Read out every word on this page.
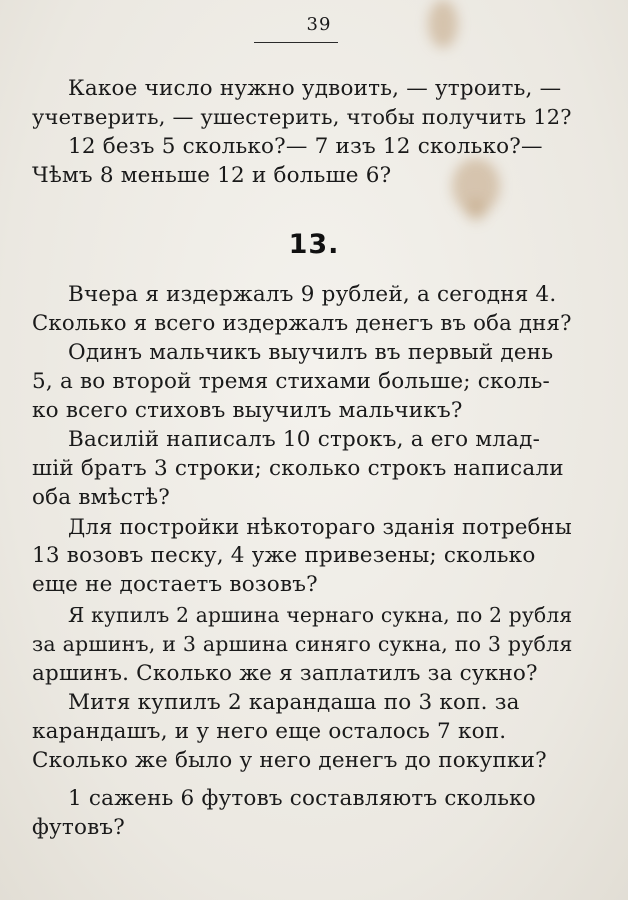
39
Какое число нужно удвоить, — утроить, —
учетверить, — ушестерить, чтобы получить 12?
12 безъ 5 сколько?— 7 изъ 12 сколько?—
Чѣмъ 8 меньше 12 и больше 6?
13.
Вчера я издержалъ 9 рублей, а сегодня 4.
Сколько я всего издержалъ денегъ въ оба дня?
Одинъ мальчикъ выучилъ въ первый день
5, а во второй тремя стихами больше; сколь-
ко всего стиховъ выучилъ мальчикъ?
Василій написалъ 10 строкъ, а его млад-
шій братъ 3 строки; сколько строкъ написали
оба вмѣстѣ?
Для постройки нѣкотораго зданія потребны
13 возовъ песку, 4 уже привезены; сколько
еще не достаетъ возовъ?
Я купилъ 2 аршина чернаго сукна, по 2 рубля
за аршинъ, и 3 аршина синяго сукна, по 3 рубля
аршинъ. Сколько же я заплатилъ за сукно?
Митя купилъ 2 карандаша по 3 коп. за
карандашъ, и у него еще осталось 7 коп.
Сколько же было у него денегъ до покупки?
1 сажень 6 футовъ составляютъ сколько
футовъ?
